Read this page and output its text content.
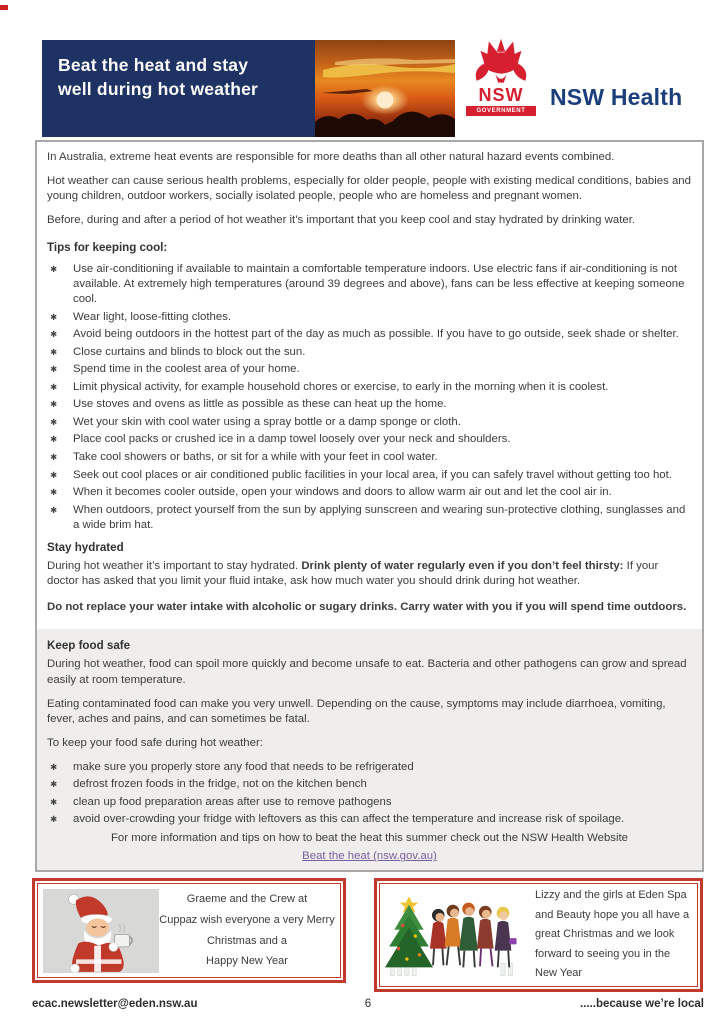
Beat the heat and stay
well during hot weather	NSW
GOVERNMENT
NSW Health

In Australia, extreme heat events are responsible for more deaths than all other natural hazard events combined.

Hot weather can cause serious health problems, especially for older people, people with existing medical conditions, babies and young children, outdoor workers, socially isolated people, people who are homeless and pregnant women.

Before, during and after a period of hot weather it’s important that you keep cool and stay hydrated by drinking water.

Tips for keeping cool:
✱	Use air-conditioning if available to maintain a comfortable temperature indoors. Use electric fans if air-conditioning is not available. At extremely high temperatures (around 39 degrees and above), fans can be less effective at keeping someone cool.
✱	Wear light, loose-fitting clothes.
✱	Avoid being outdoors in the hottest part of the day as much as possible. If you have to go outside, seek shade or shelter.
✱	Close curtains and blinds to block out the sun.
✱	Spend time in the coolest area of your home.
✱	Limit physical activity, for example household chores or exercise, to early in the morning when it is coolest.
✱	Use stoves and ovens as little as possible as these can heat up the home.
✱	Wet your skin with cool water using a spray bottle or a damp sponge or cloth.
✱	Place cool packs or crushed ice in a damp towel loosely over your neck and shoulders.
✱	Take cool showers or baths, or sit for a while with your feet in cool water.
✱	Seek out cool places or air conditioned public facilities in your local area, if you can safely travel without getting too hot.
✱	When it becomes cooler outside, open your windows and doors to allow warm air out and let the cool air in.
✱	When outdoors, protect yourself from the sun by applying sunscreen and wearing sun-protective clothing, sunglasses and a wide brim hat.
Stay hydrated

During hot weather it’s important to stay hydrated. Drink plenty of water regularly even if you don’t feel thirsty: If your doctor has asked that you limit your fluid intake, ask how much water you should drink during hot weather.

Do not replace your water intake with alcoholic or sugary drinks. Carry water with you if you will spend time outdoors.

Keep food safe

During hot weather, food can spoil more quickly and become unsafe to eat. Bacteria and other pathogens can grow and spread easily at room temperature.

Eating contaminated food can make you very unwell. Depending on the cause, symptoms may include diarrhoea, vomiting, fever, aches and pains, and can sometimes be fatal.

To keep your food safe during hot weather:

✱	make sure you properly store any food that needs to be refrigerated
✱	defrost frozen foods in the fridge, not on the kitchen bench
✱	clean up food preparation areas after use to remove pathogens
✱	avoid over-crowding your fridge with leftovers as this can affect the temperature and increase risk of spoilage.

For more information and tips on how to beat the heat this summer check out the NSW Health Website

Beat the heat (nsw.gov.au)

Graeme and the Crew at
Cuppaz wish everyone a very Merry
Christmas and a
Happy New Year
Lizzy and the girls at Eden Spa
and Beauty hope you all have a
great Christmas and we look
forward to seeing you in the
New Year
ecac.newsletter@eden.nsw.au	6	.....because we’re local
